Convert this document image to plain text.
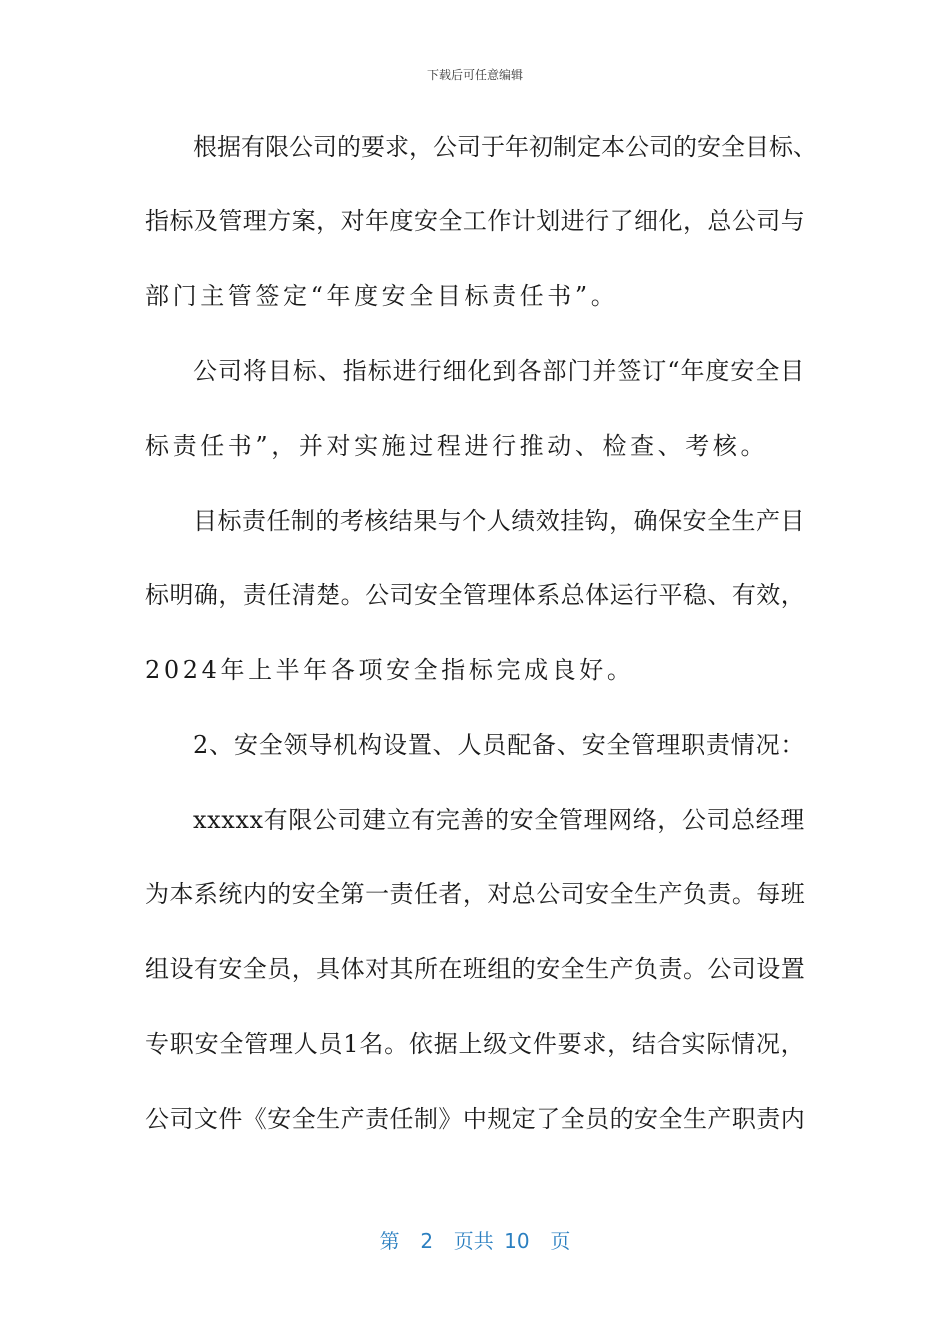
下载后可任意编辑
根据有限公司的要求，公司于年初制定本公司的安全目标、
指标及管理方案，对年度安全工作计划进行了细化，总公司与
部门主管签定“年度安全目标责任书”。
公司将目标、指标进行细化到各部门并签订“年度安全目
标责任书”，并对实施过程进行推动、检查、考核。
目标责任制的考核结果与个人绩效挂钩，确保安全生产目
标明确，责任清楚。公司安全管理体系总体运行平稳、有效，
2024年上半年各项安全指标完成良好。
2、安全领导机构设置、人员配备、安全管理职责情况：
xxxxx有限公司建立有完善的安全管理网络，公司总经理
为本系统内的安全第一责任者，对总公司安全生产负责。每班
组设有安全员，具体对其所在班组的安全生产负责。公司设置
专职安全管理人员1名。依据上级文件要求，结合实际情况，
公司文件《安全生产责任制》中规定了全员的安全生产职责内
第  2  页共 10  页
